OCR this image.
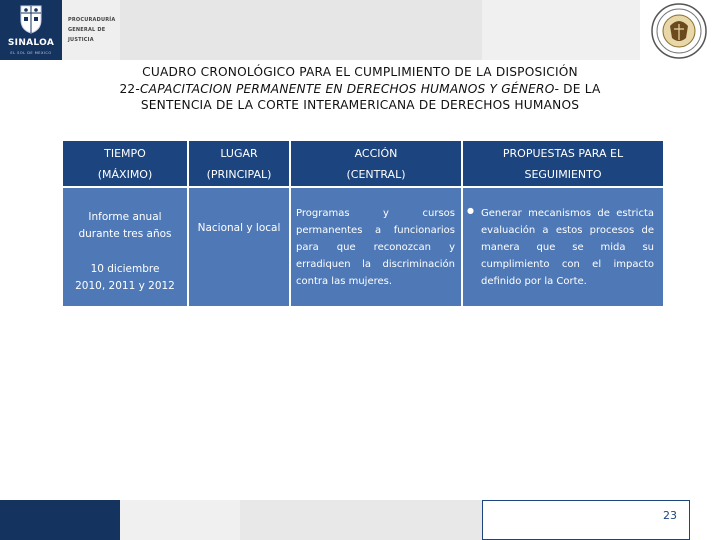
SINALOA
EL SOL DE MEXICO
PROCURADURÍA
GENERAL DE
JUSTICIA
CUADRO CRONOLÓGICO PARA EL CUMPLIMIENTO DE LA DISPOSICIÓN
22-CAPACITACION PERMANENTE EN DERECHOS HUMANOS Y GÉNERO- DE LA
SENTENCIA DE LA CORTE INTERAMERICANA DE DERECHOS HUMANOS
TIEMPO
(MÁXIMO)
LUGAR
(PRINCIPAL)
ACCIÓN
(CENTRAL)
PROPUESTAS PARA EL
SEGUIMIENTO
Informe anual
durante tres años
10 diciembre
2010, 2011 y 2012
Nacional y local
Programas y cursos permanentes a funcionarios para que reconozcan y erradiquen la discriminación contra las mujeres.
● Generar mecanismos de estricta evaluación a estos procesos de manera que se mida su cumplimiento con el impacto definido por la Corte.
23
